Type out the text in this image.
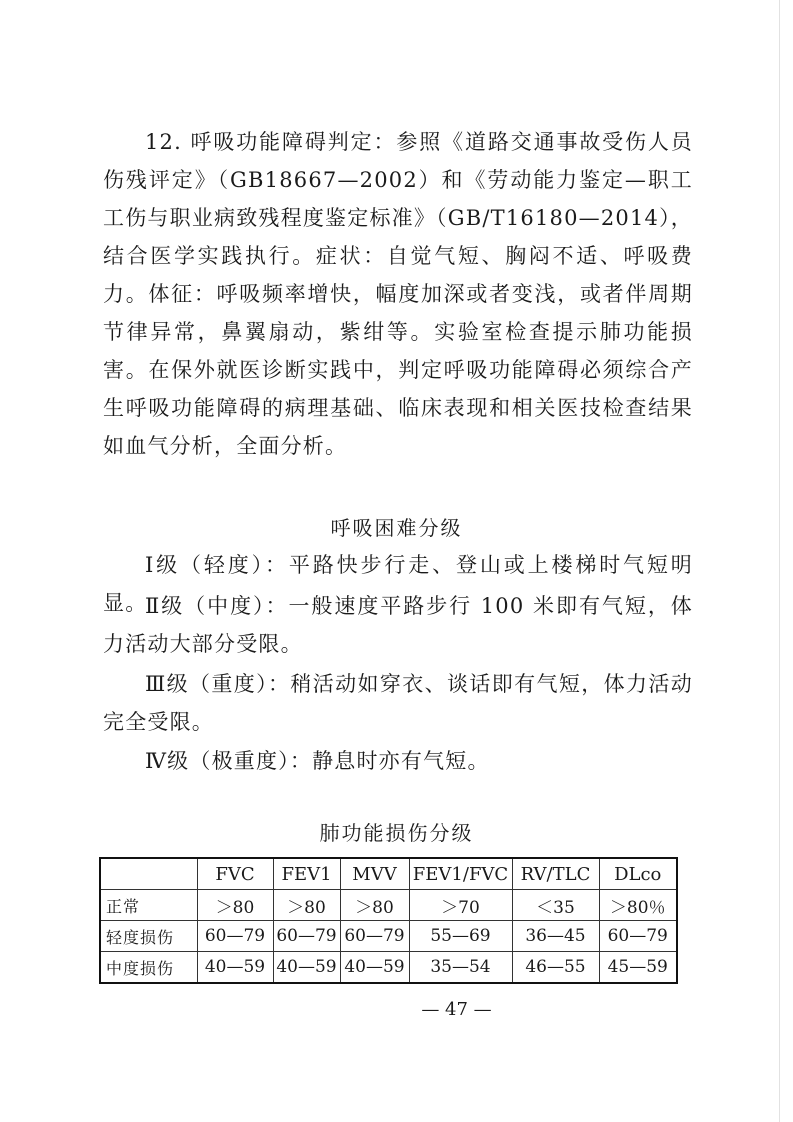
12. 呼吸功能障碍判定：参照《道路交通事故受伤人员伤残评定》（GB18667—2002）和《劳动能力鉴定—职工工伤与职业病致残程度鉴定标准》（GB/T16180—2014），结合医学实践执行。症状：自觉气短、胸闷不适、呼吸费力。体征：呼吸频率增快，幅度加深或者变浅，或者伴周期节律异常，鼻翼扇动，紫绀等。实验室检查提示肺功能损害。在保外就医诊断实践中，判定呼吸功能障碍必须综合产生呼吸功能障碍的病理基础、临床表现和相关医技检查结果如血气分析，全面分析。

呼吸困难分级

Ⅰ级（轻度）：平路快步行走、登山或上楼梯时气短明显。

Ⅱ级（中度）：一般速度平路步行 100 米即有气短，体力活动大部分受限。

Ⅲ级（重度）：稍活动如穿衣、谈话即有气短，体力活动完全受限。

Ⅳ级（极重度）：静息时亦有气短。

肺功能损伤分级

	FVC	FEV1	MVV	FEV1/FVC	RV/TLC	DLco
正常	＞80	＞80	＞80	＞70	＜35	＞80％
轻度损伤	60—79	60—79	60—79	55—69	36—45	60—79
中度损伤	40—59	40—59	40—59	35—54	46—55	45—59
— 47 —
